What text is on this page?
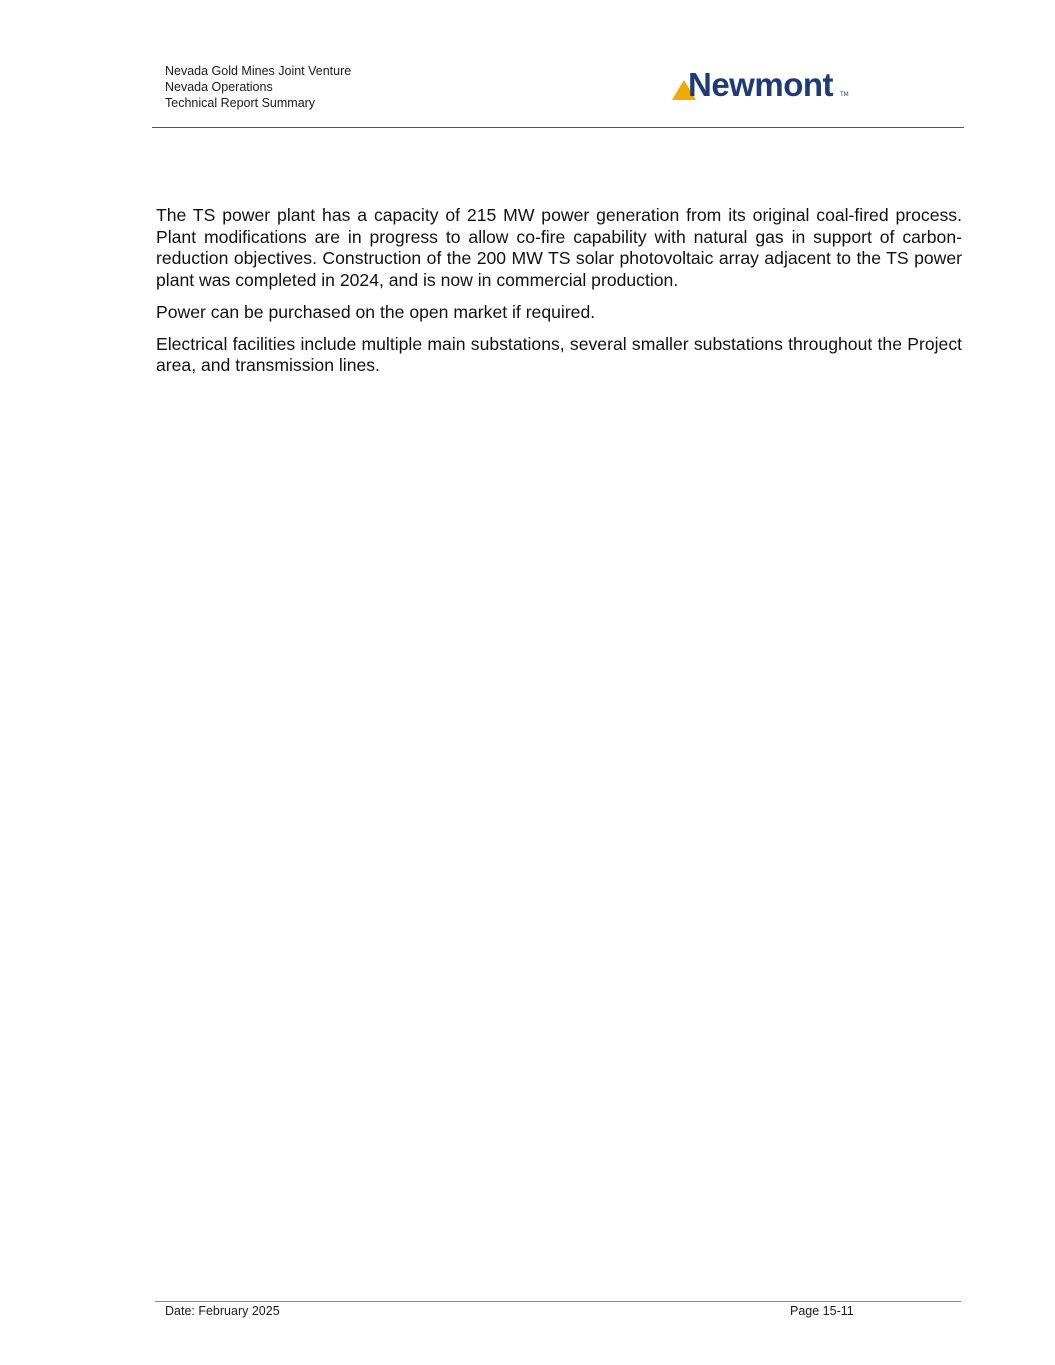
Nevada Gold Mines Joint Venture
Nevada Operations
Technical Report Summary	Newmont TM

The TS power plant has a capacity of 215 MW power generation from its original coal-fired process. Plant modifications are in progress to allow co-fire capability with natural gas in support of carbon-reduction objectives. Construction of the 200 MW TS solar photovoltaic array adjacent to the TS power plant was completed in 2024, and is now in commercial production.

Power can be purchased on the open market if required.

Electrical facilities include multiple main substations, several smaller substations throughout the Project area, and transmission lines.

Date: February 2025	Page 15-11
